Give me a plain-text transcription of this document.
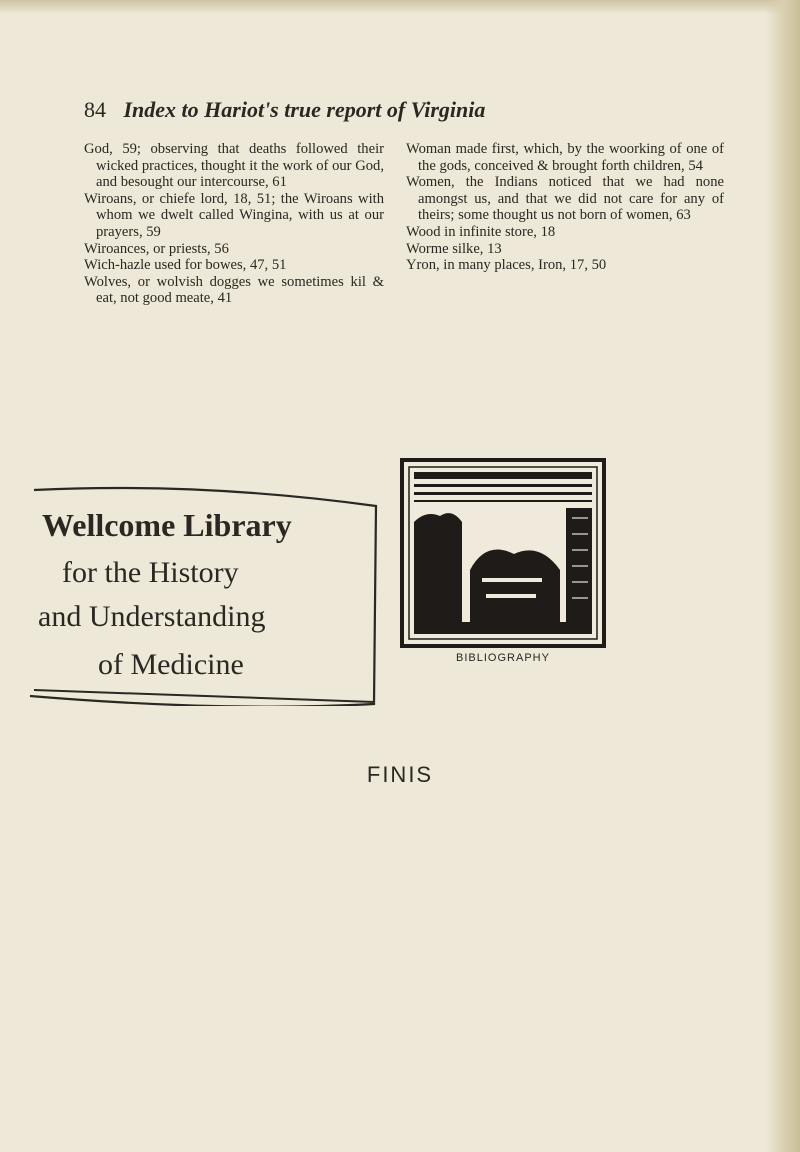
84 Index to Hariot's true report of Virginia

God, 59; observing that deaths followed their wicked practices, thought it the work of our God, and besought our intercourse, 61

Wiroans, or chiefe lord, 18, 51; the Wiroans with whom we dwelt called Wingina, with us at our prayers, 59

Wiroances, or priests, 56

Wich-hazle used for bowes, 47, 51

Wolves, or wolvish dogges we sometimes kil & eat, not good meate, 41

Woman made first, which, by the woorking of one of the gods, conceived & brought forth children, 54

Women, the Indians noticed that we had none amongst us, and that we did not care for any of theirs; some thought us not born of women, 63

Wood in infinite store, 18

Worme silke, 13

Yron, in many places, Iron, 17, 50

Wellcome Library
for the History
and Understanding
of Medicine	BIBLIOGRAPHY
FINIS
